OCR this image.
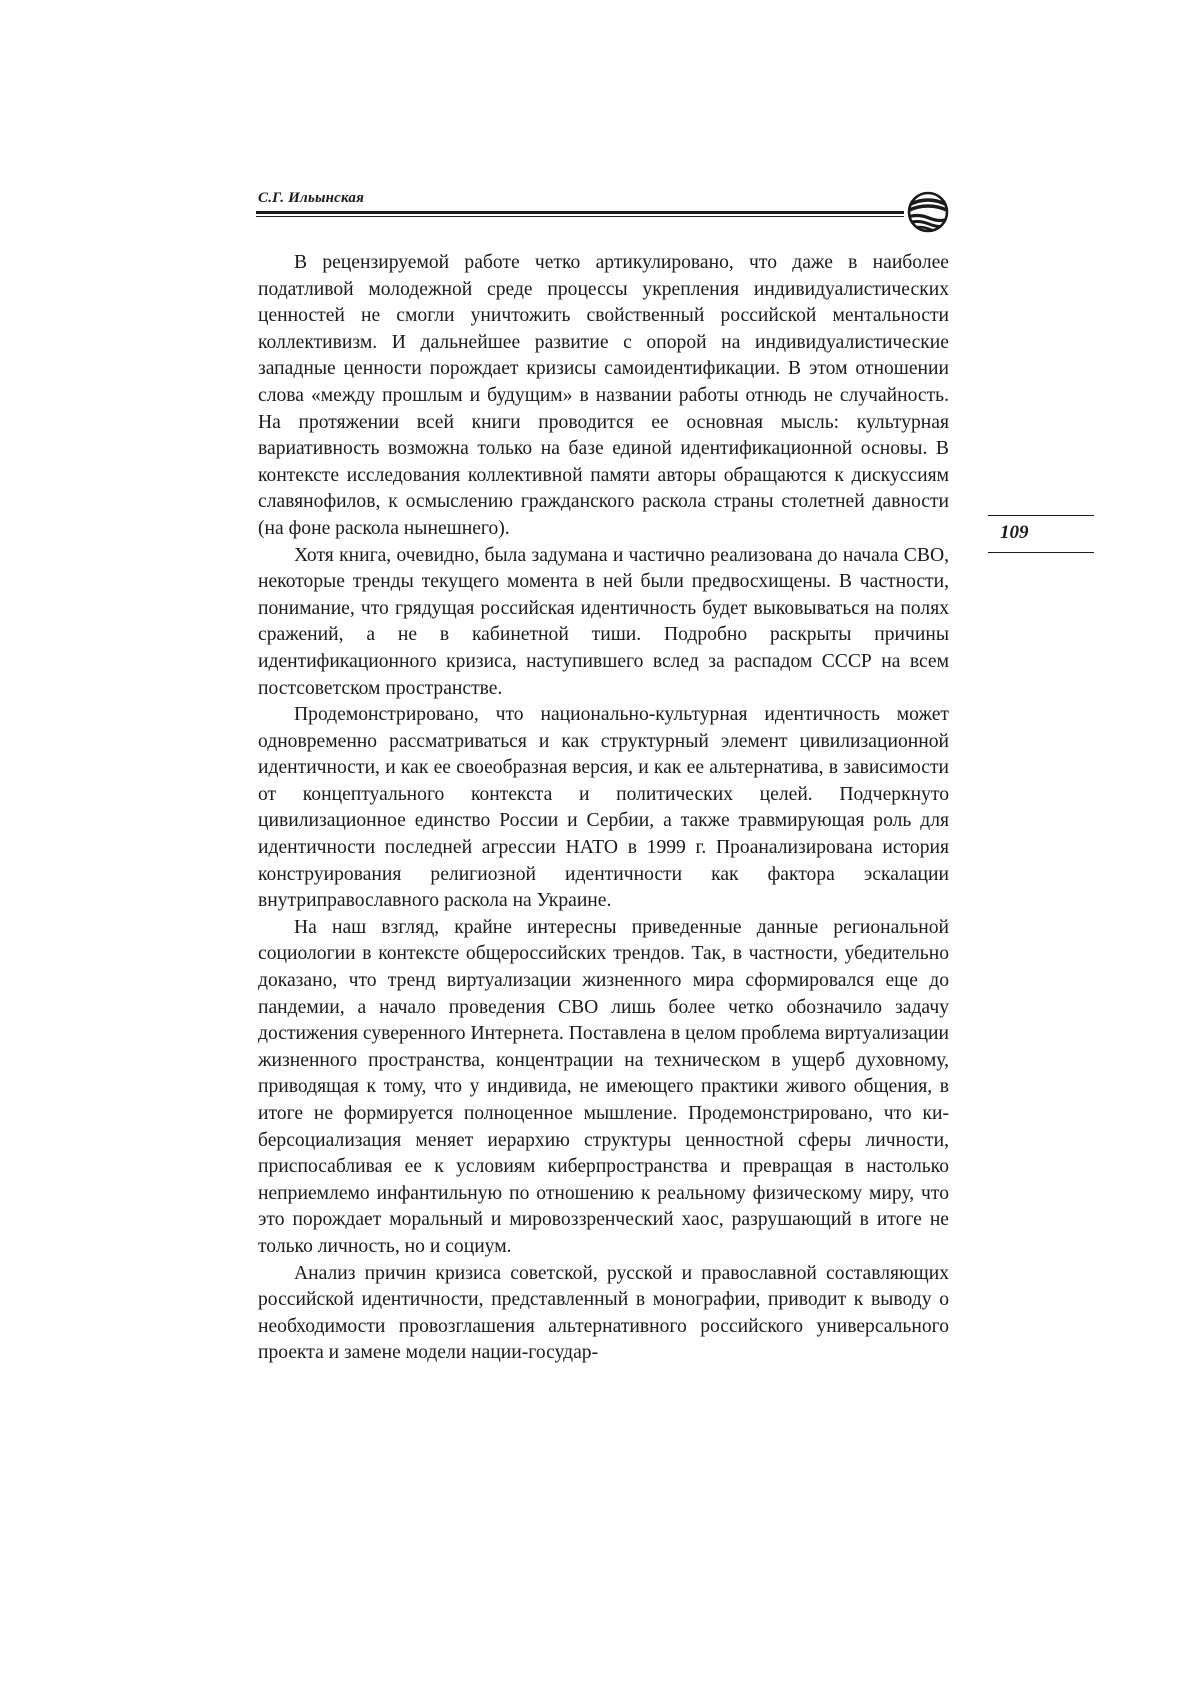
С.Г. Ильынская
109

В рецензируемой работе четко артикулировано, что даже в наиболее податливой молодежной среде процессы укрепления индивидуалистических ценностей не смогли уничтожить свойственный российской ментальности коллективизм. И дальнейшее развитие с опорой на индивидуалистические западные ценности порождает кризисы самоидентификации. В этом отношении слова «между прошлым и будущим» в названии работы отнюдь не случайность. На протяжении всей книги проводится ее основная мысль: культурная вариативность возможна только на базе единой идентификационной основы. В контексте исследования коллективной памяти авторы обращаются к дискуссиям славянофилов, к осмыслению гражданского раскола страны столетней давности (на фоне раскола нынешнего).

Хотя книга, очевидно, была задумана и частично реализована до начала СВО, некоторые тренды текущего момента в ней были предвосхищены. В частности, понимание, что грядущая российская идентичность будет выковываться на полях сражений, а не в кабинетной тиши. Подробно раскрыты причины идентификационного кризиса, наступившего вслед за распадом СССР на всем постсоветском пространстве.

Продемонстрировано, что национально-культурная идентичность может одновременно рассматриваться и как структурный элемент цивилизационной идентичности, и как ее своеобразная версия, и как ее альтернатива, в зависимости от концептуального контекста и политических целей. Подчеркнуто цивилизационное единство России и Сербии, а также травмирующая роль для идентичности последней агрессии НАТО в 1999 г. Проанализирована история конструирования религиозной идентичности как фактора эскалации внутриправославного раскола на Украине.

На наш взгляд, крайне интересны приведенные данные региональной социологии в контексте общероссийских трендов. Так, в частности, убедительно доказано, что тренд виртуализации жизненного мира сформировался еще до пандемии, а начало проведения СВО лишь более четко обозначило задачу достижения суверенного Интернета. Поставлена в целом проблема виртуализации жизненного пространства, концентрации на техническом в ущерб духовному, приводящая к тому, что у индивида, не имеющего практики живого общения, в итоге не формируется полноценное мышление. Продемонстрировано, что киберсоциализация меняет иерархию структуры ценностной сферы личности, приспосабливая ее к условиям киберпространства и превращая в настолько неприемлемо инфантильную по отношению к реальному физическому миру, что это порождает моральный и мировоззренческий хаос, разрушающий в итоге не только личность, но и социум.

Анализ причин кризиса советской, русской и православной составляющих российской идентичности, представленный в монографии, приводит к выводу о необходимости провозглашения альтернативного российского универсального проекта и замене модели нации-государ-
